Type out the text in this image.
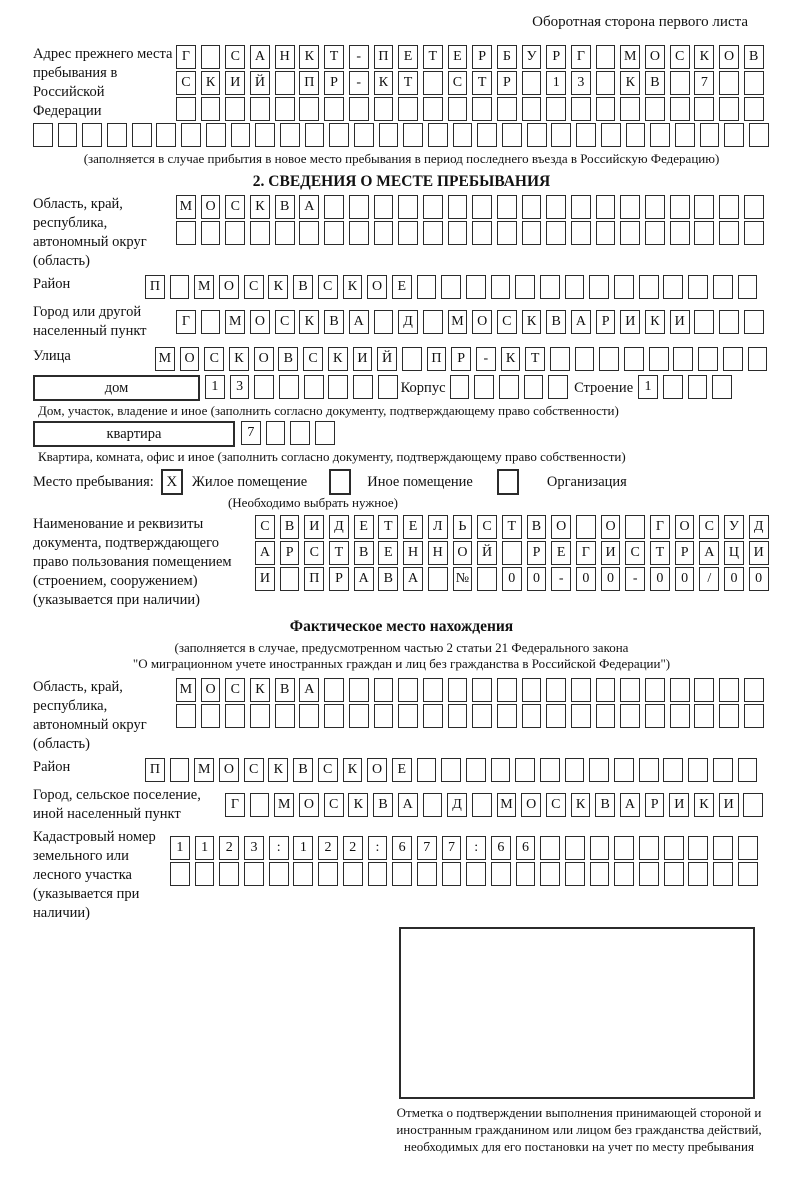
Оборотная сторона первого листа
Адрес прежнего места пребывания в Российской Федерации
Г	С	А	Н	К	Т	-	П	Е	Т	Е	Р	Б	У	Р	Г	М О	С	К	О	В
С	К	И	Й	П	Р	-	К	Т	С	Т	Р	1	3	К	В	7
(заполняется в случае прибытия в новое место пребывания в период последнего въезда в Российскую Федерацию)
2. СВЕДЕНИЯ О МЕСТЕ ПРЕБЫВАНИЯ
Область, край, республика, автономный округ (область)
М О	С	К	В	А
Район	П	М О	С	К	В	С	К	О	Е
Город или другой населенный пункт
Г	М О	С	К	В	А	Д	М О	С	К	В	А	Р	И	К	И
Улица	М О	С	К	О	В	С	К	И	Й	П	Р	-	К	Т
дом	1	3	Корпус	Строение 1
Дом, участок, владение и иное (заполнить согласно документу, подтверждающему право собственности)
квартира	7
Квартира, комната, офис и иное (заполнить согласно документу, подтверждающему право собственности)
Место пребывания: X Жилое помещение	Иное помещение	Организация
(Необходимо выбрать нужное)
Наименование и реквизиты документа, подтверждающего право пользования помещением (строением, сооружением) (указывается при наличии)
С	В	И	Д	Е	Т	Е	Л	Ь	С	Т	В	О	О	Г	О	С	У	Д
А	Р	С	Т	В	Е	Н	Н	О	Й	Р	Е	Г	И	С	Т	Р	А	Ц	И
И	П	Р	А	В	А	№	0	0	-	0	0	-	0	0	/	0	0
Фактическое место нахождения
(заполняется в случае, предусмотренном частью 2 статьи 21 Федерального закона
"О миграционном учете иностранных граждан и лиц без гражданства в Российской Федерации")
Область, край, республика, автономный округ (область)
М О	С	К	В	А
Район	П	М О	С	К	В	С	К	О	Е
Город, сельское поселение, иной населенный пункт
Г	М О	С	К	В	А	Д	М О	С	К	В	А	Р	И	К	И
Кадастровый номер земельного или лесного участка (указывается при наличии)
1	1	2	3	:	1	2	2	:	6	7	7	:	6	6
Отметка о подтверждении выполнения принимающей стороной и иностранным гражданином или лицом без гражданства действий, необходимых для его постановки на учет по месту пребывания
